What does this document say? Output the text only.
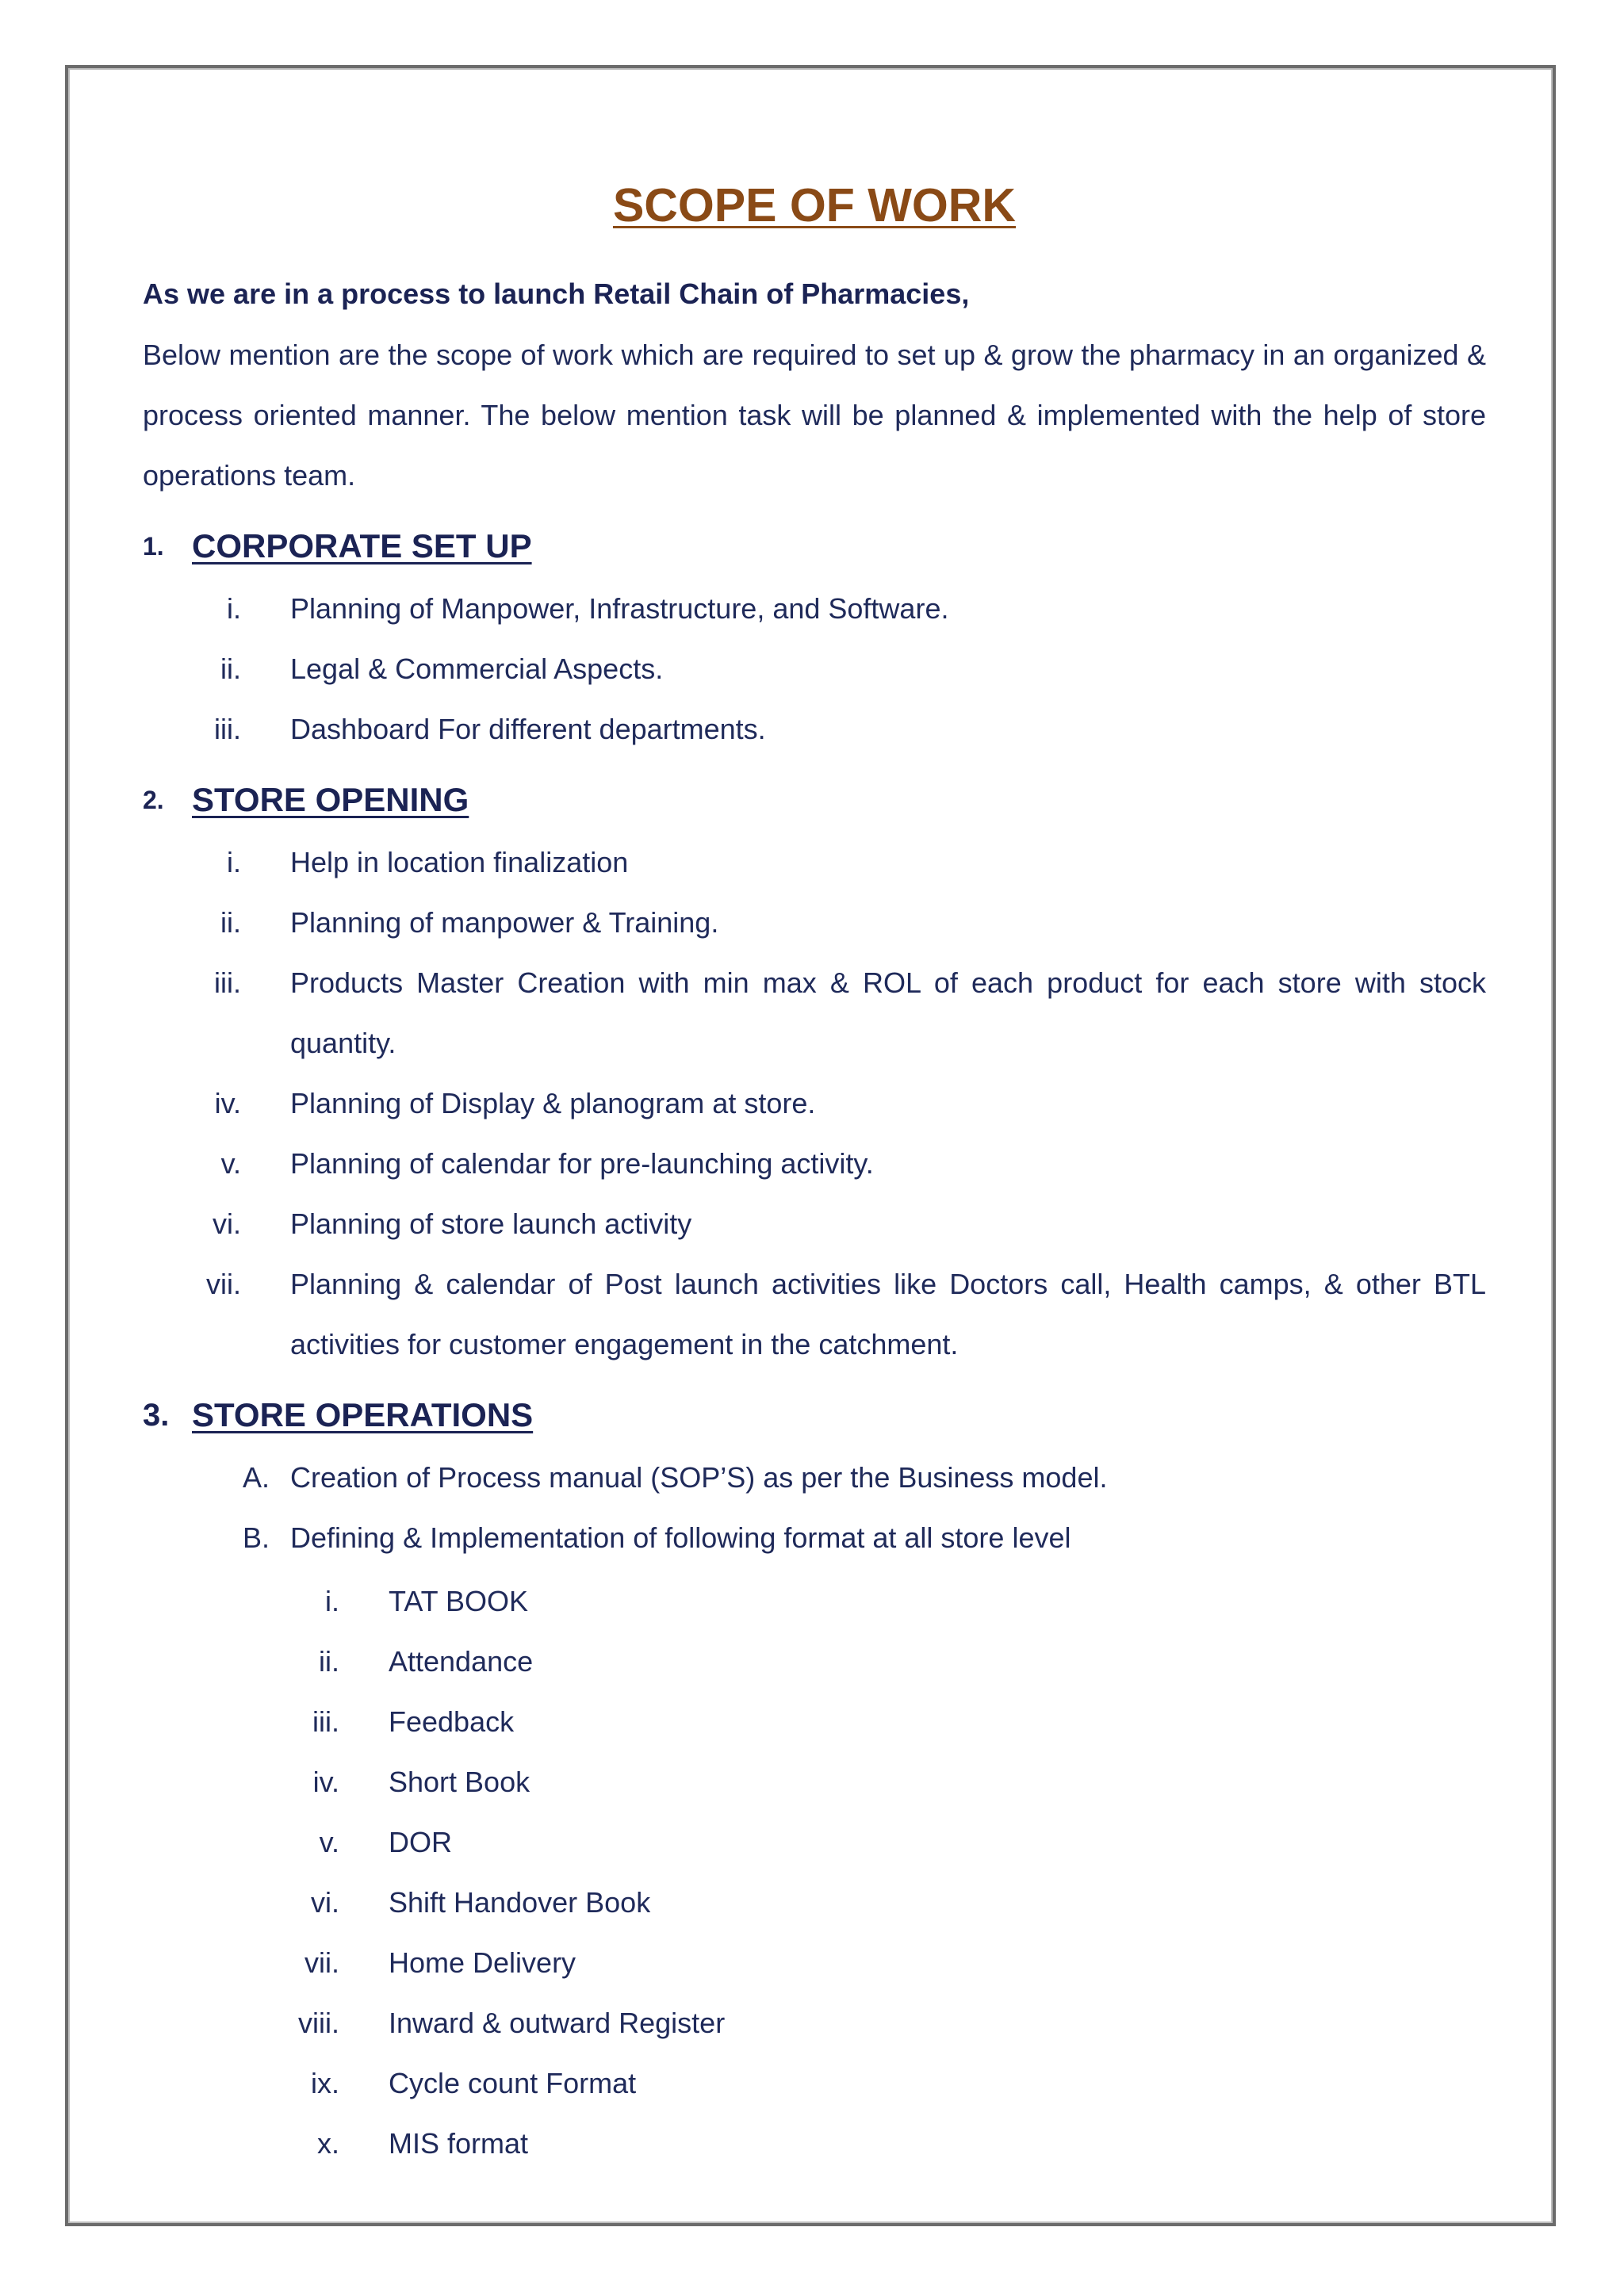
SCOPE OF WORK
As we are in a process to launch Retail Chain of Pharmacies,
Below mention are the scope of work which are required to set up & grow the pharmacy in an organized & process oriented manner. The below mention task will be planned & implemented with the help of store operations team.
1. CORPORATE SET UP
i.	Planning of Manpower, Infrastructure, and Software.
ii.	Legal & Commercial Aspects.
iii.	Dashboard For different departments.
2. STORE OPENING
i.	Help in location finalization
ii.	Planning of manpower & Training.
iii.	Products Master Creation with min max & ROL of each product for each store with stock quantity.
iv.	Planning of Display & planogram at store.
v.	Planning of calendar for pre-launching activity.
vi.	Planning of store launch activity
vii.	Planning & calendar of Post launch activities like Doctors call, Health camps, & other BTL activities for customer engagement in the catchment.
3. STORE OPERATIONS
A. Creation of Process manual (SOP’S) as per the Business model.
B. Defining & Implementation of following format at all store level
i.	TAT BOOK
ii.	Attendance
iii.	Feedback
iv.	Short Book
v.	DOR
vi.	Shift Handover Book
vii.	Home Delivery
viii.	Inward & outward Register
ix.	Cycle count Format
x.	MIS format
